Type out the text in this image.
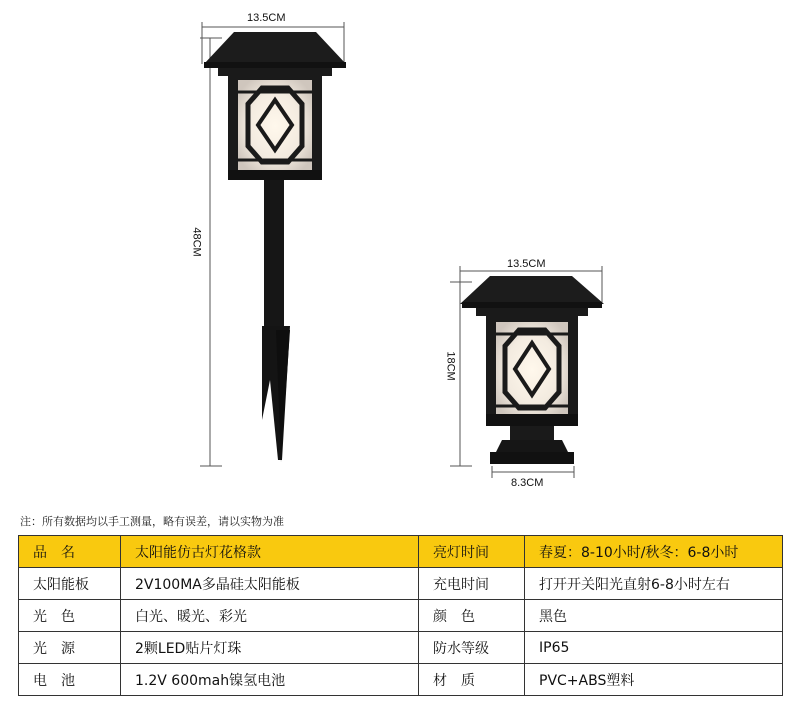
13.5CM
48CM
13.5CM
18CM
8.3CM
注：所有数据均以手工测量，略有误差，请以实物为准
品　名	太阳能仿古灯花格款	亮灯时间	春夏：8-10小时/秋冬：6-8小时
太阳能板	2V100MA多晶硅太阳能板	充电时间	打开开关阳光直射6-8小时左右
光　色	白光、暖光、彩光	颜　色	黑色
光　源	2颗LED贴片灯珠	防水等级	IP65
电　池	1.2V 600mah镍氢电池	材　质	PVC+ABS塑料
